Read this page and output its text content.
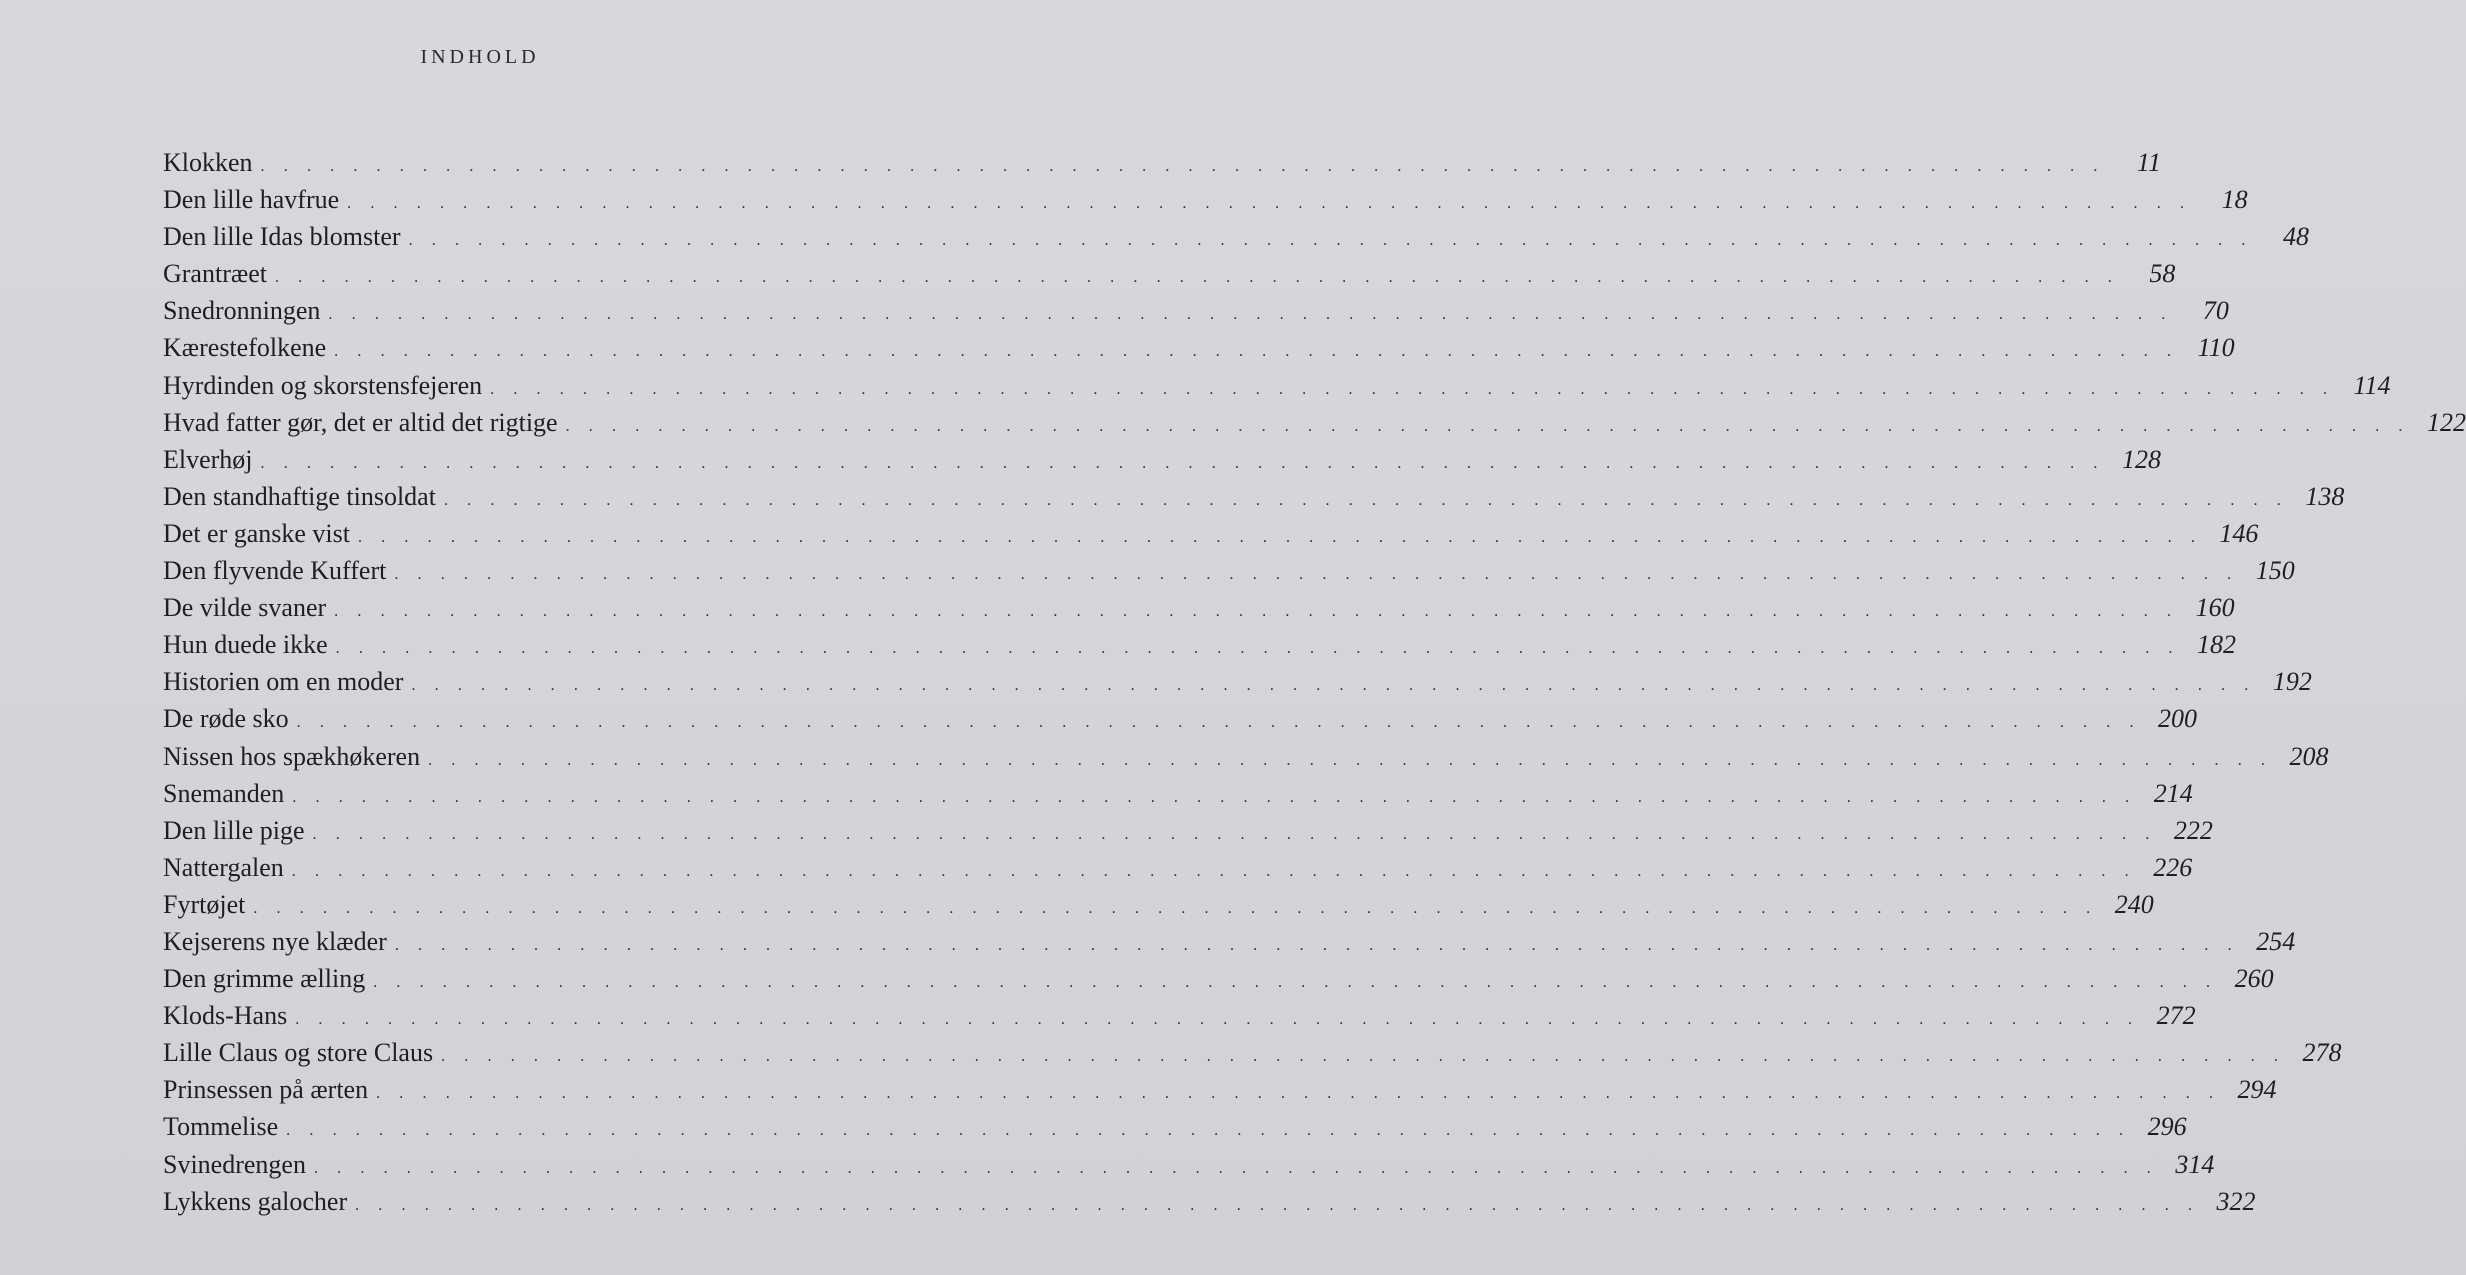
INDHOLD
Klokken . . . . . . . . . . . . . . . . . . . . . . . . . . . . . . . . . . . . . . . . . . . . . . . . . . . . . . . . . . . . . . . . . . . . . . . . . . . . . . . .	11
Den lille havfrue . . . . . . . . . . . . . . . . . . . . . . . . . . . . . . . . . . . . . . . . . . . . . . . . . . . . . . . . . . . . . . . . . . . . . . . . . . . . . . . .	18
Den lille Idas blomster . . . . . . . . . . . . . . . . . . . . . . . . . . . . . . . . . . . . . . . . . . . . . . . . . . . . . . . . . . . . . . . . . . . . . . . . . . . . . . . .	48
Grantræet . . . . . . . . . . . . . . . . . . . . . . . . . . . . . . . . . . . . . . . . . . . . . . . . . . . . . . . . . . . . . . . . . . . . . . . . . . . . . . . .	58
Snedronningen . . . . . . . . . . . . . . . . . . . . . . . . . . . . . . . . . . . . . . . . . . . . . . . . . . . . . . . . . . . . . . . . . . . . . . . . . . . . . . . .	70
Kærestefolkene . . . . . . . . . . . . . . . . . . . . . . . . . . . . . . . . . . . . . . . . . . . . . . . . . . . . . . . . . . . . . . . . . . . . . . . . . . . . . . . . 110
Hyrdinden og skorstensfejeren . . . . . . . . . . . . . . . . . . . . . . . . . . . . . . . . . . . . . . . . . . . . . . . . . . . . . . . . . . . . . . . . . . . . . . . . . . . . . . . . 114
Hvad fatter gør, det er altid det rigtige . . . . . . . . . . . . . . . . . . . . . . . . . . . . . . . . . . . . . . . . . . . . . . . . . . . . . . . . . . . . . . . . . . . . . . . . . . . . . . . . 122
Elverhøj . . . . . . . . . . . . . . . . . . . . . . . . . . . . . . . . . . . . . . . . . . . . . . . . . . . . . . . . . . . . . . . . . . . . . . . . . . . . . . . . 128
Den standhaftige tinsoldat . . . . . . . . . . . . . . . . . . . . . . . . . . . . . . . . . . . . . . . . . . . . . . . . . . . . . . . . . . . . . . . . . . . . . . . . . . . . . . . . 138
Det er ganske vist . . . . . . . . . . . . . . . . . . . . . . . . . . . . . . . . . . . . . . . . . . . . . . . . . . . . . . . . . . . . . . . . . . . . . . . . . . . . . . . . 146
Den flyvende Kuffert . . . . . . . . . . . . . . . . . . . . . . . . . . . . . . . . . . . . . . . . . . . . . . . . . . . . . . . . . . . . . . . . . . . . . . . . . . . . . . . . 150
De vilde svaner . . . . . . . . . . . . . . . . . . . . . . . . . . . . . . . . . . . . . . . . . . . . . . . . . . . . . . . . . . . . . . . . . . . . . . . . . . . . . . . . 160
Hun duede ikke . . . . . . . . . . . . . . . . . . . . . . . . . . . . . . . . . . . . . . . . . . . . . . . . . . . . . . . . . . . . . . . . . . . . . . . . . . . . . . . . 182
Historien om en moder . . . . . . . . . . . . . . . . . . . . . . . . . . . . . . . . . . . . . . . . . . . . . . . . . . . . . . . . . . . . . . . . . . . . . . . . . . . . . . . . 192
De røde sko . . . . . . . . . . . . . . . . . . . . . . . . . . . . . . . . . . . . . . . . . . . . . . . . . . . . . . . . . . . . . . . . . . . . . . . . . . . . . . . . 200
Nissen hos spækhøkeren . . . . . . . . . . . . . . . . . . . . . . . . . . . . . . . . . . . . . . . . . . . . . . . . . . . . . . . . . . . . . . . . . . . . . . . . . . . . . . . . 208
Snemanden . . . . . . . . . . . . . . . . . . . . . . . . . . . . . . . . . . . . . . . . . . . . . . . . . . . . . . . . . . . . . . . . . . . . . . . . . . . . . . . . 214
Den lille pige . . . . . . . . . . . . . . . . . . . . . . . . . . . . . . . . . . . . . . . . . . . . . . . . . . . . . . . . . . . . . . . . . . . . . . . . . . . . . . . . 222
Nattergalen . . . . . . . . . . . . . . . . . . . . . . . . . . . . . . . . . . . . . . . . . . . . . . . . . . . . . . . . . . . . . . . . . . . . . . . . . . . . . . . . 226
Fyrtøjet . . . . . . . . . . . . . . . . . . . . . . . . . . . . . . . . . . . . . . . . . . . . . . . . . . . . . . . . . . . . . . . . . . . . . . . . . . . . . . . . 240
Kejserens nye klæder . . . . . . . . . . . . . . . . . . . . . . . . . . . . . . . . . . . . . . . . . . . . . . . . . . . . . . . . . . . . . . . . . . . . . . . . . . . . . . . . 254
Den grimme ælling . . . . . . . . . . . . . . . . . . . . . . . . . . . . . . . . . . . . . . . . . . . . . . . . . . . . . . . . . . . . . . . . . . . . . . . . . . . . . . . . 260
Klods-Hans . . . . . . . . . . . . . . . . . . . . . . . . . . . . . . . . . . . . . . . . . . . . . . . . . . . . . . . . . . . . . . . . . . . . . . . . . . . . . . . . 272
Lille Claus og store Claus . . . . . . . . . . . . . . . . . . . . . . . . . . . . . . . . . . . . . . . . . . . . . . . . . . . . . . . . . . . . . . . . . . . . . . . . . . . . . . . . 278
Prinsessen på ærten . . . . . . . . . . . . . . . . . . . . . . . . . . . . . . . . . . . . . . . . . . . . . . . . . . . . . . . . . . . . . . . . . . . . . . . . . . . . . . . . 294
Tommelise . . . . . . . . . . . . . . . . . . . . . . . . . . . . . . . . . . . . . . . . . . . . . . . . . . . . . . . . . . . . . . . . . . . . . . . . . . . . . . . . 296
Svinedrengen . . . . . . . . . . . . . . . . . . . . . . . . . . . . . . . . . . . . . . . . . . . . . . . . . . . . . . . . . . . . . . . . . . . . . . . . . . . . . . . . 314
Lykkens galocher . . . . . . . . . . . . . . . . . . . . . . . . . . . . . . . . . . . . . . . . . . . . . . . . . . . . . . . . . . . . . . . . . . . . . . . . . . . . . . . . 322
